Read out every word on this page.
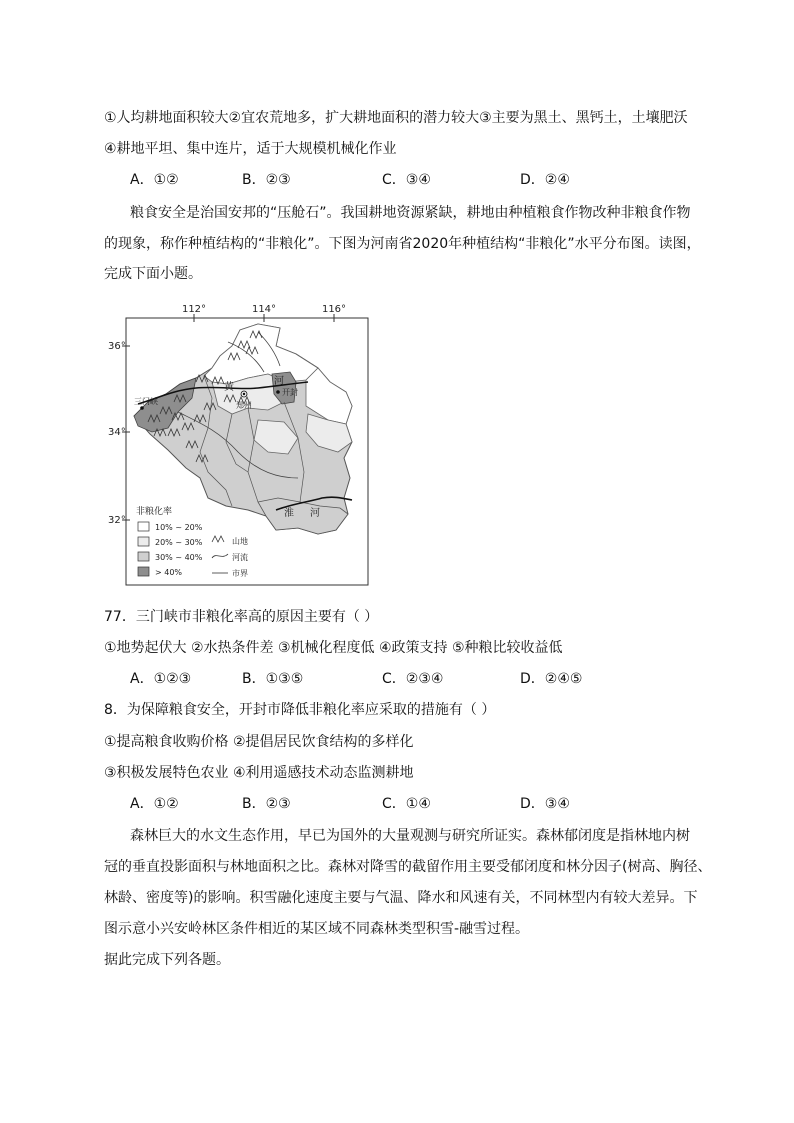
①人均耕地面积较大②宜农荒地多，扩大耕地面积的潜力较大③主要为黑土、黑钙土，土壤肥沃
④耕地平坦、集中连片，适于大规模机械化作业
A．①②	B．②③	C．③④	D．②④
粮食安全是治国安邦的“压舱石”。我国耕地资源紧缺，耕地由种植粮食作物改种非粮食作物
的现象，称作种植结构的“非粮化”。下图为河南省2020年种植结构“非粮化”水平分布图。读图，
完成下面小题。
112°	114°	116°
36°
34°
32°
三门峡	郑州
开封
黄
河
淮 河
非粮化率
10% ~ 20%
20% ~ 30%
30% ~ 40%
> 40%
山地
河流
市界
77．三门峡市非粮化率高的原因主要有（ ）
①地势起伏大 ②水热条件差 ③机械化程度低 ④政策支持 ⑤种粮比较收益低
A．①②③	B．①③⑤	C．②③④	D．②④⑤
8．为保障粮食安全，开封市降低非粮化率应采取的措施有（ ）
①提高粮食收购价格 ②提倡居民饮食结构的多样化
③积极发展特色农业 ④利用遥感技术动态监测耕地
A．①②	B．②③	C．①④	D．③④
森林巨大的水文生态作用，早已为国外的大量观测与研究所证实。森林郁闭度是指林地内树
冠的垂直投影面积与林地面积之比。森林对降雪的截留作用主要受郁闭度和林分因子(树高、胸径、
林龄、密度等)的影响。积雪融化速度主要与气温、降水和风速有关，不同林型内有较大差异。下
图示意小兴安岭林区条件相近的某区域不同森林类型积雪-融雪过程。
据此完成下列各题。
